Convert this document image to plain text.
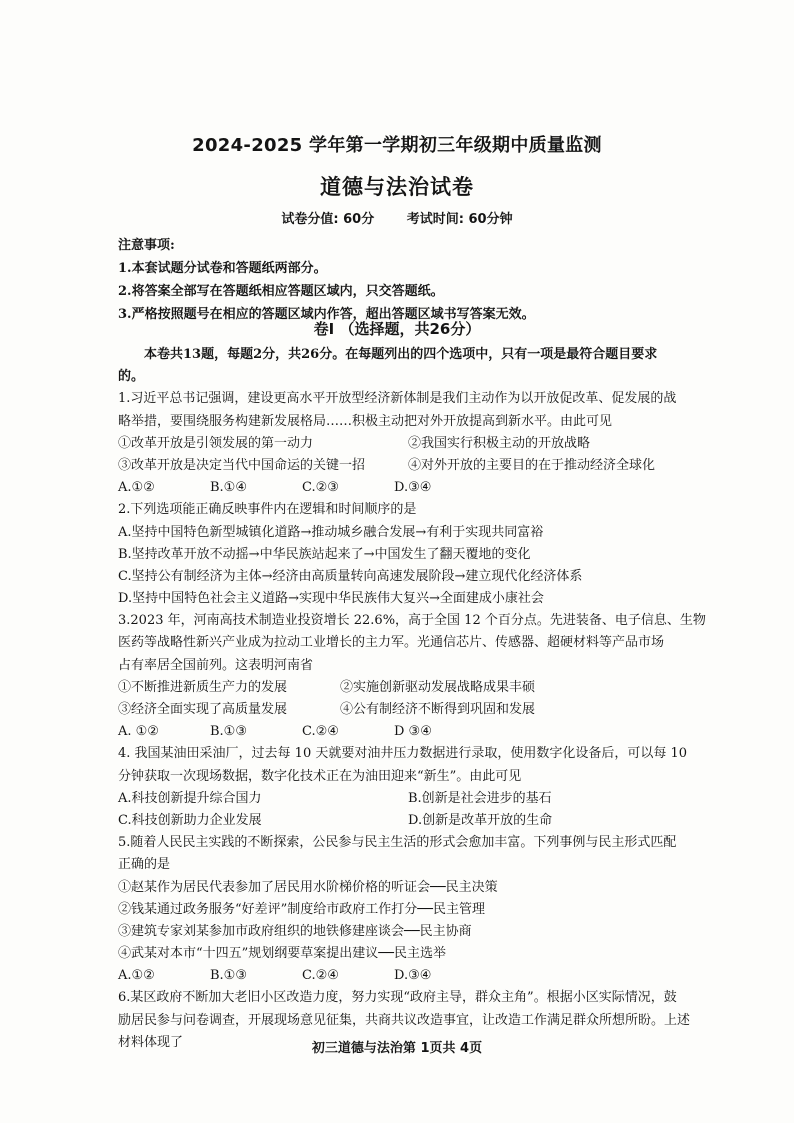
2024-2025 学年第一学期初三年级期中质量监测
道德与法治试卷
试卷分值: 60分	考试时间: 60分钟
注意事项:
1.本套试题分试卷和答题纸两部分。
2.将答案全部写在答题纸相应答题区域内，只交答题纸。
3.严格按照题号在相应的答题区域内作答，超出答题区域书写答案无效。
卷Ⅰ （选择题，共26分）
本卷共13题，每题2分，共26分。在每题列出的四个选项中，只有一项是最符合题目要求
的。
1.习近平总书记强调，建设更高水平开放型经济新体制是我们主动作为以开放促改革、促发展的战
略举措，要围绕服务构建新发展格局……积极主动把对外开放提高到新水平。由此可见
①改革开放是引领发展的第一动力	②我国实行积极主动的开放战略
③改革开放是决定当代中国命运的关键一招	④对外开放的主要目的在于推动经济全球化
A.①②	B.①④	C.②③	D.③④
2.下列选项能正确反映事件内在逻辑和时间顺序的是
A.坚持中国特色新型城镇化道路→推动城乡融合发展→有利于实现共同富裕
B.坚持改革开放不动摇→中华民族站起来了→中国发生了翻天覆地的变化
C.坚持公有制经济为主体→经济由高质量转向高速发展阶段→建立现代化经济体系
D.坚持中国特色社会主义道路→实现中华民族伟大复兴→全面建成小康社会
3.2023 年，河南高技术制造业投资增长 22.6%，高于全国 12 个百分点。先进装备、电子信息、生物
医药等战略性新兴产业成为拉动工业增长的主力军。光通信芯片、传感器、超硬材料等产品市场
占有率居全国前列。这表明河南省
①不断推进新质生产力的发展	②实施创新驱动发展战略成果丰硕
③经济全面实现了高质量发展	④公有制经济不断得到巩固和发展
A. ①②	B.①③	C.②④	D ③④
4. 我国某油田采油厂，过去每 10 天就要对油井压力数据进行录取，使用数字化设备后，可以每 10
分钟获取一次现场数据，数字化技术正在为油田迎来“新生”。由此可见
A.科技创新提升综合国力	B.创新是社会进步的基石
C.科技创新助力企业发展	D.创新是改革开放的生命
5.随着人民民主实践的不断探索，公民参与民主生活的形式会愈加丰富。下列事例与民主形式匹配
正确的是
①赵某作为居民代表参加了居民用水阶梯价格的听证会──民主决策
②钱某通过政务服务“好差评”制度给市政府工作打分──民主管理
③建筑专家刘某参加市政府组织的地铁修建座谈会──民主协商
④武某对本市“十四五”规划纲要草案提出建议──民主选举
A.①②	B.①③	C.②④	D.③④
6.某区政府不断加大老旧小区改造力度，努力实现“政府主导，群众主角”。根据小区实际情况，鼓
励居民参与问卷调查，开展现场意见征集，共商共议改造事宜，让改造工作满足群众所想所盼。上述
材料体现了	初三道德与法治第 1页共 4页
